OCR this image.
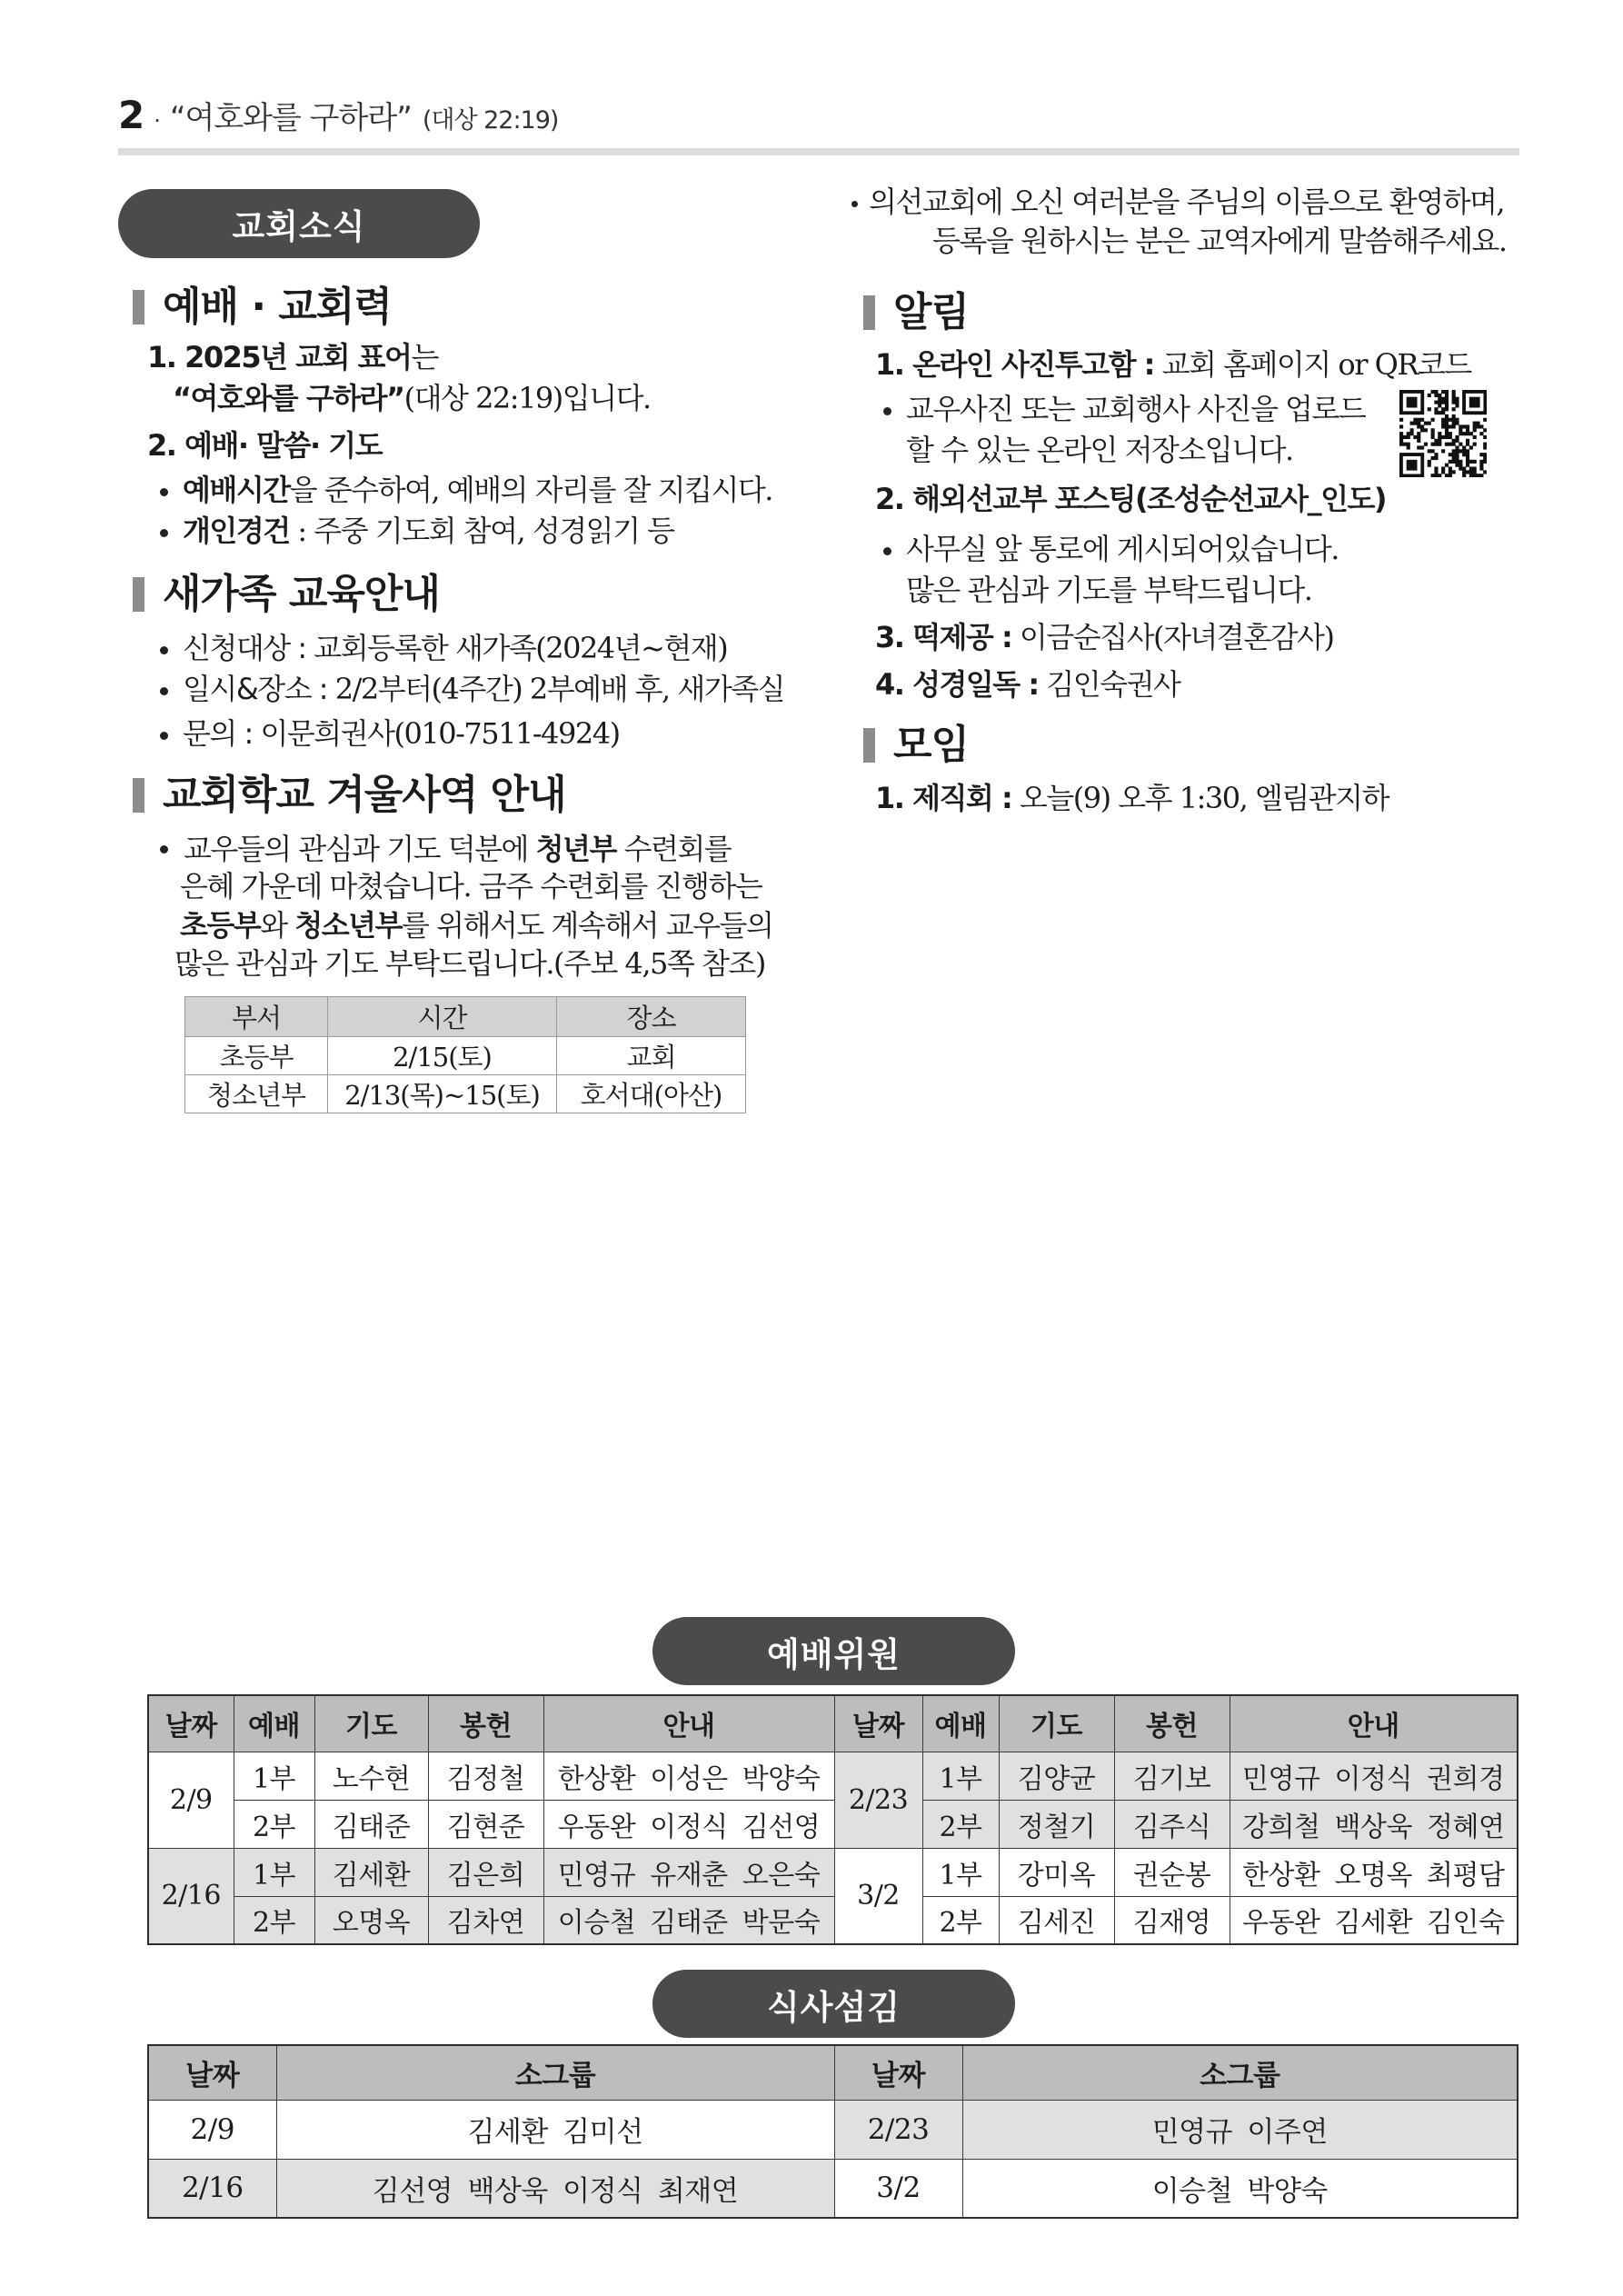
2 · “여호와를 구하라” (대상 22:19)
교회소식
예배 · 교회력
1. 2025년 교회 표어는
“여호와를 구하라”(대상 22:19)입니다.
2. 예배· 말씀· 기도
예배시간을 준수하여, 예배의 자리를 잘 지킵시다.
개인경건 : 주중 기도회 참여, 성경읽기 등
새가족 교육안내
신청대상 : 교회등록한 새가족(2024년~현재)
일시&장소 : 2/2부터(4주간) 2부예배 후, 새가족실
문의 : 이문희권사(010-7511-4924)
교회학교 겨울사역 안내
교우들의 관심과 기도 덕분에 청년부 수련회를
은혜 가운데 마쳤습니다. 금주 수련회를 진행하는
초등부와 청소년부를 위해서도 계속해서 교우들의
많은 관심과 기도 부탁드립니다.(주보 4,5쪽 참조)
부서	시간	장소
초등부	2/15(토)	교회
청소년부	2/13(목)~15(토)	호서대(아산)
의선교회에 오신 여러분을 주님의 이름으로 환영하며,
등록을 원하시는 분은 교역자에게 말씀해주세요.
알림
1. 온라인 사진투고함 : 교회 홈페이지 or QR코드
교우사진 또는 교회행사 사진을 업로드
할 수 있는 온라인 저장소입니다.
2. 해외선교부 포스팅(조성순선교사_인도)
사무실 앞 통로에 게시되어있습니다.
많은 관심과 기도를 부탁드립니다.
3. 떡제공 : 이금순집사(자녀결혼감사)
4. 성경일독 : 김인숙권사
모임
1. 제직회 : 오늘(9) 오후 1:30, 엘림관지하
예배위원
날짜	예배	기도	봉헌	안내	날짜	예배	기도	봉헌	안내
2/9	1부	노수현	김정철	한상환 이성은 박양숙	2/23	1부	김양균	김기보	민영규 이정식 권희경
	2부	김태준	김현준	우동완 이정식 김선영		2부	정철기	김주식	강희철 백상욱 정혜연
2/16	1부	김세환	김은희	민영규 유재춘 오은숙	3/2	1부	강미옥	권순봉	한상환 오명옥 최평담
	2부	오명옥	김차연	이승철 김태준 박문숙		2부	김세진	김재영	우동완 김세환 김인숙
식사섬김
날짜	소그룹	날짜	소그룹
2/9	김세환 김미선	2/23	민영규 이주연
2/16	김선영 백상욱 이정식 최재연	3/2	이승철 박양숙
